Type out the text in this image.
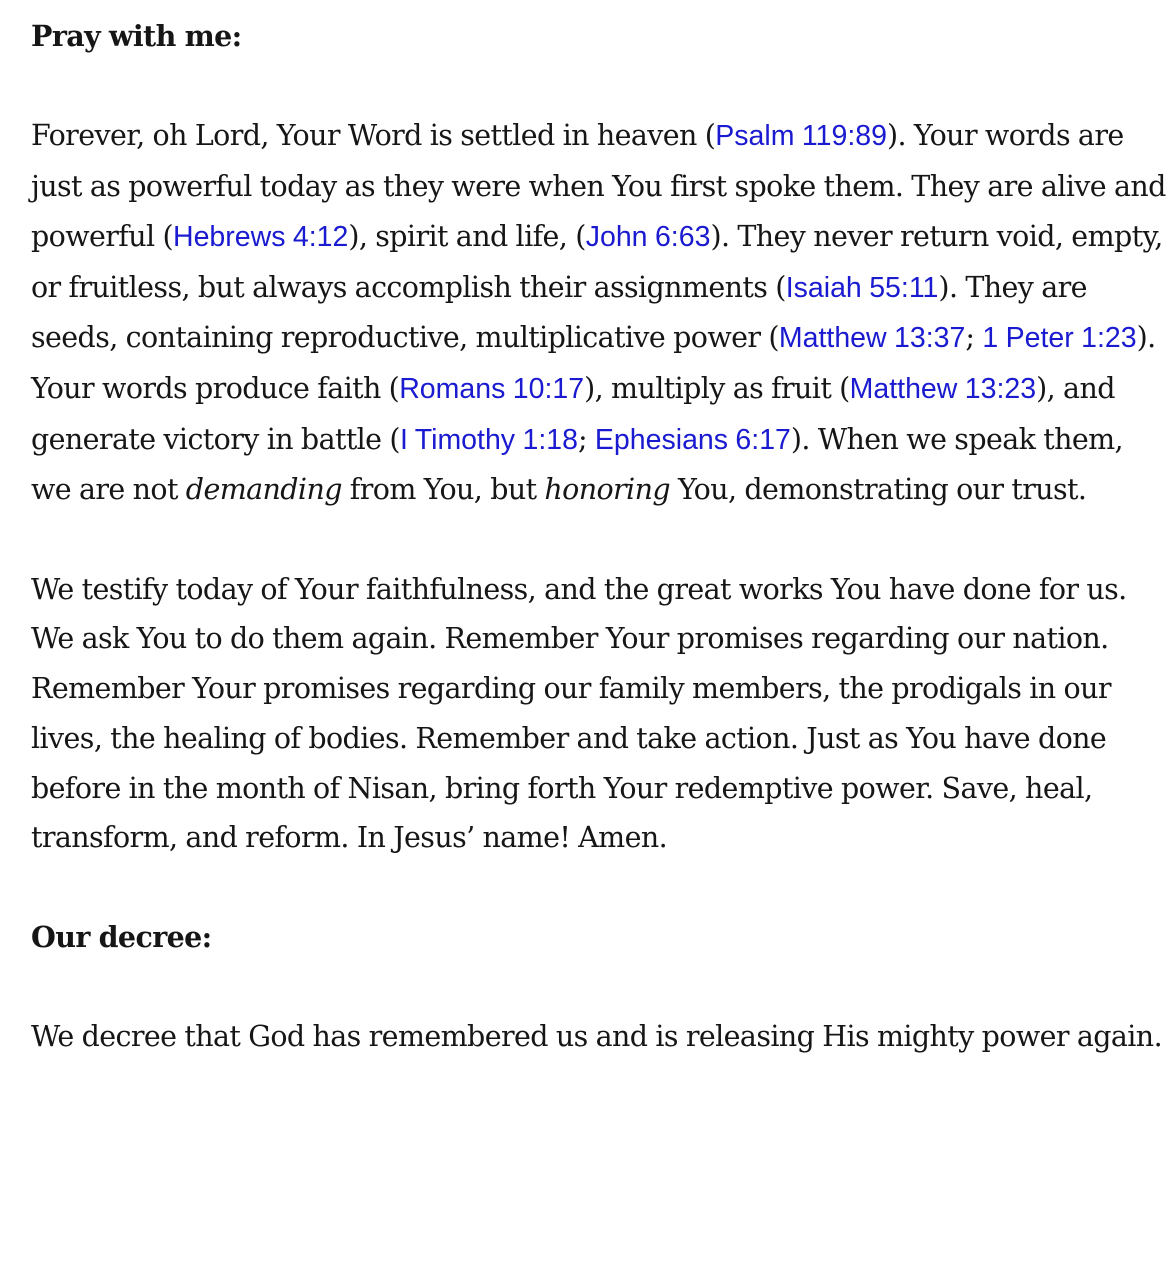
Pray with me:

Forever, oh Lord, Your Word is settled in heaven (Psalm 119:89). Your words are just as powerful today as they were when You first spoke them. They are alive and powerful (Hebrews 4:12), spirit and life, (John 6:63). They never return void, empty, or fruitless, but always accomplish their assignments (Isaiah 55:11). They are seeds, containing reproductive, multiplicative power (Matthew 13:37; 1 Peter 1:23). Your words produce faith (Romans 10:17), multiply as fruit (Matthew 13:23), and generate victory in battle (I Timothy 1:18; Ephesians 6:17). When we speak them, we are not demanding from You, but honoring You, demonstrating our trust.

We testify today of Your faithfulness, and the great works You have done for us. We ask You to do them again. Remember Your promises regarding our nation. Remember Your promises regarding our family members, the prodigals in our lives, the healing of bodies. Remember and take action. Just as You have done before in the month of Nisan, bring forth Your redemptive power. Save, heal, transform, and reform. In Jesus’ name! Amen.

Our decree:

We decree that God has remembered us and is releasing His mighty power again.
